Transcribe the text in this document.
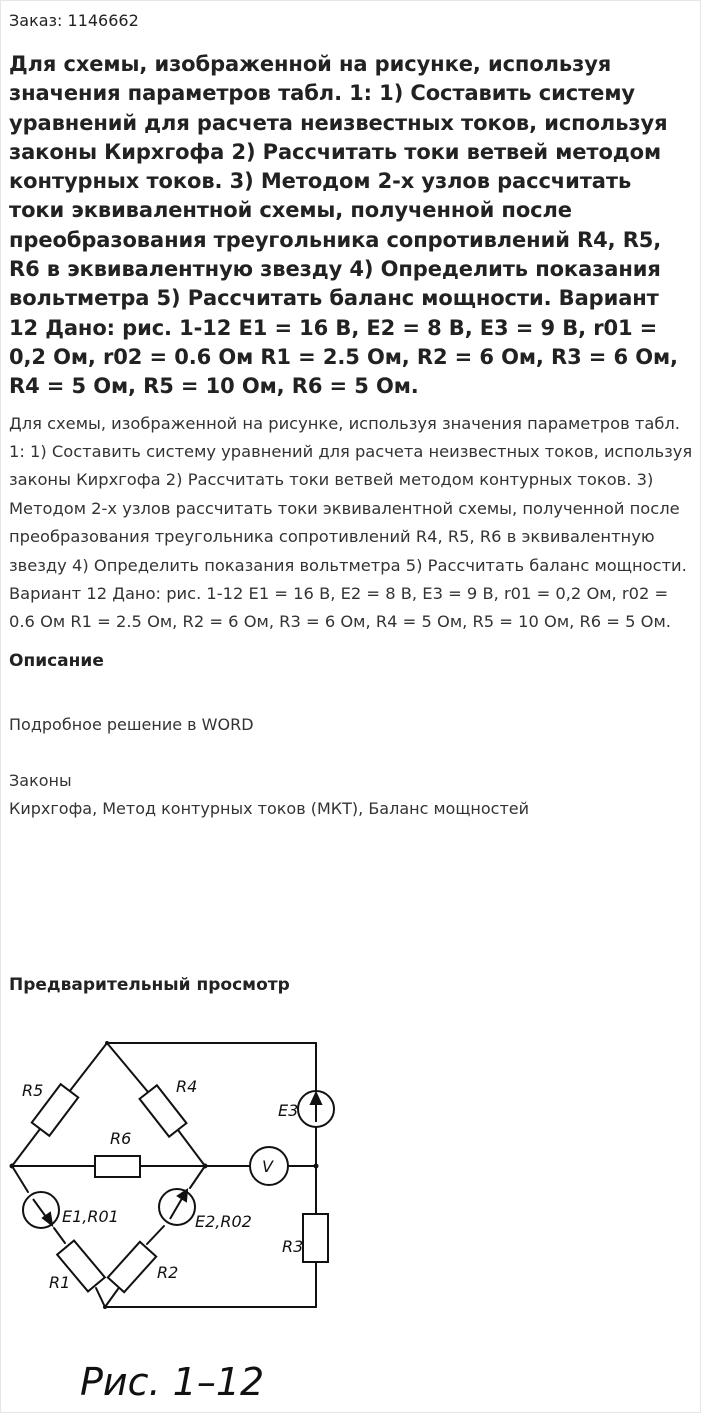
Заказ: 1146662
Для схемы, изображенной на рисунке, используя значения параметров табл. 1: 1) Составить систему уравнений для расчета неизвестных токов, используя законы Кирхгофа 2) Рассчитать токи ветвей методом контурных токов. 3) Методом 2-х узлов рассчитать токи эквивалентной схемы, полученной после преобразования треугольника сопротивлений R4, R5, R6 в эквивалентную звезду 4) Определить показания вольтметра 5) Рассчитать баланс мощности. Вариант 12 Дано: рис. 1-12 E1 = 16 В, E2 = 8 В, E3 = 9 В, r01 = 0,2 Ом, r02 = 0.6 Ом R1 = 2.5 Ом, R2 = 6 Ом, R3 = 6 Ом, R4 = 5 Ом, R5 = 10 Ом, R6 = 5 Ом.
Для схемы, изображенной на рисунке, используя значения параметров табл. 1: 1) Составить систему уравнений для расчета неизвестных токов, используя законы Кирхгофа 2) Рассчитать токи ветвей методом контурных токов. 3) Методом 2-х узлов рассчитать токи эквивалентной схемы, полученной после преобразования треугольника сопротивлений R4, R5, R6 в эквивалентную звезду 4) Определить показания вольтметра 5) Рассчитать баланс мощности. Вариант 12 Дано: рис. 1-12 E1 = 16 В, E2 = 8 В, E3 = 9 В, r01 = 0,2 Ом, r02 = 0.6 Ом R1 = 2.5 Ом, R2 = 6 Ом, R3 = 6 Ом, R4 = 5 Ом, R5 = 10 Ом, R6 = 5 Ом.
Описание

Подробное решение в WORD

Законы

Кирхгофа, Метод контурных токов (МКТ), Баланс мощностей

Предварительный просмотр
R5	R4
R6
E3
V
E1,R01	E2,R02
R1
R2
R3
Рис. 1–12
